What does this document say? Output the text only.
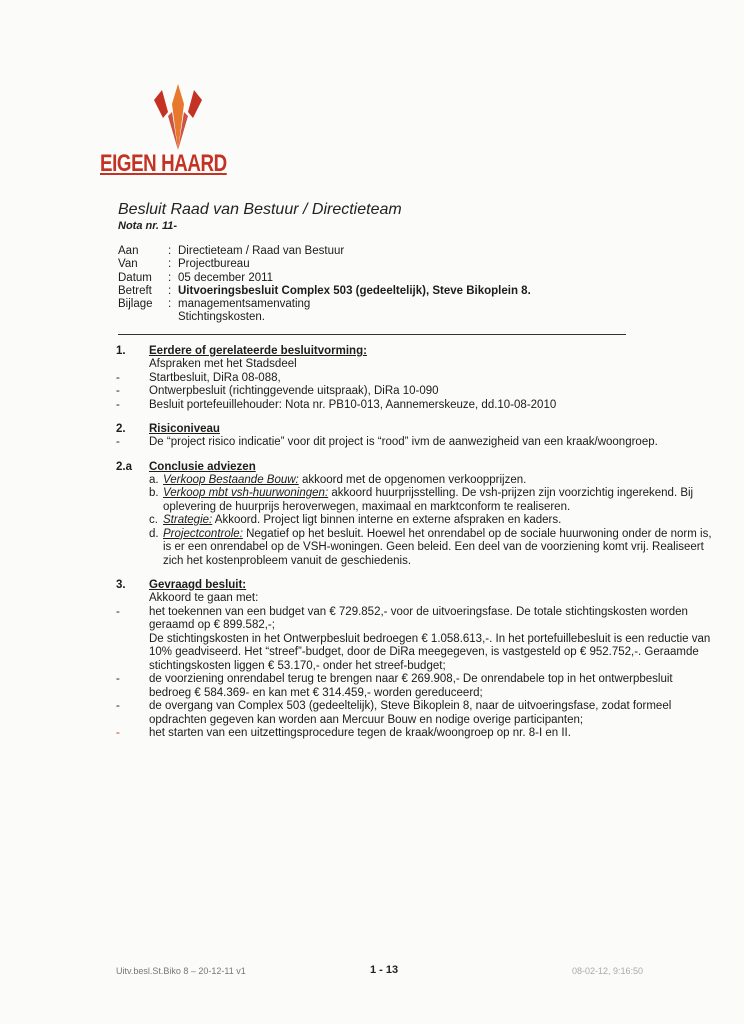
EIGEN HAARD
Besluit Raad van Bestuur / Directieteam
Nota nr. 11-
Aan	: Directieteam / Raad van Bestuur
Van	: Projectbureau
Datum	: 05 december 2011
Betreft	: Uitvoeringsbesluit Complex 503 (gedeeltelijk), Steve Bikoplein 8.
Bijlage	: managementsamenvating
Stichtingskosten.
1.	Eerdere of gerelateerde besluitvorming:
Afspraken met het Stadsdeel
-	Startbesluit, DiRa 08-088,
-	Ontwerpbesluit (richtinggevende uitspraak), DiRa 10-090
-	Besluit portefeuillehouder: Nota nr. PB10-013, Aannemerskeuze, dd.10-08-2010
2.	Risiconiveau
-	De “project risico indicatie” voor dit project is “rood” ivm de aanwezigheid van een kraak/woongroep.
2.a	Conclusie adviezen
a. Verkoop Bestaande Bouw: akkoord met de opgenomen verkoopprijzen.
b. Verkoop mbt vsh-huurwoningen: akkoord huurprijsstelling. De vsh-prijzen zijn voorzichtig ingerekend. Bij oplevering de huurprijs heroverwegen, maximaal en marktconform te realiseren.
c. Strategie: Akkoord. Project ligt binnen interne en externe afspraken en kaders.
d. Projectcontrole: Negatief op het besluit. Hoewel het onrendabel op de sociale huurwoning onder de norm is, is er een onrendabel op de VSH-woningen. Geen beleid. Een deel van de voorziening komt vrij. Realiseert zich het kostenprobleem vanuit de geschiedenis.
3.	Gevraagd besluit:
Akkoord te gaan met:
-	het toekennen van een budget van € 729.852,- voor de uitvoeringsfase. De totale stichtingskosten worden geraamd op € 899.582,-;
De stichtingskosten in het Ontwerpbesluit bedroegen € 1.058.613,-. In het portefuillebesluit is een reductie van 10% geadviseerd. Het “streef”-budget, door de DiRa meegegeven, is vastgesteld op € 952.752,-. Geraamde stichtingskosten liggen € 53.170,- onder het streef-budget;
-	de voorziening onrendabel terug te brengen naar € 269.908,- De onrendabele top in het ontwerpbesluit bedroeg € 584.369- en kan met € 314.459,- worden gereduceerd;
-	de overgang van Complex 503 (gedeeltelijk), Steve Bikoplein 8, naar de uitvoeringsfase, zodat formeel opdrachten gegeven kan worden aan Mercuur Bouw en nodige overige participanten;
-	het starten van een uitzettingsprocedure tegen de kraak/woongroep op nr. 8-I en II.
Uitv.besl.St.Biko 8 – 20-12-11 v1	1 - 13	08-02-12, 9:16:50
